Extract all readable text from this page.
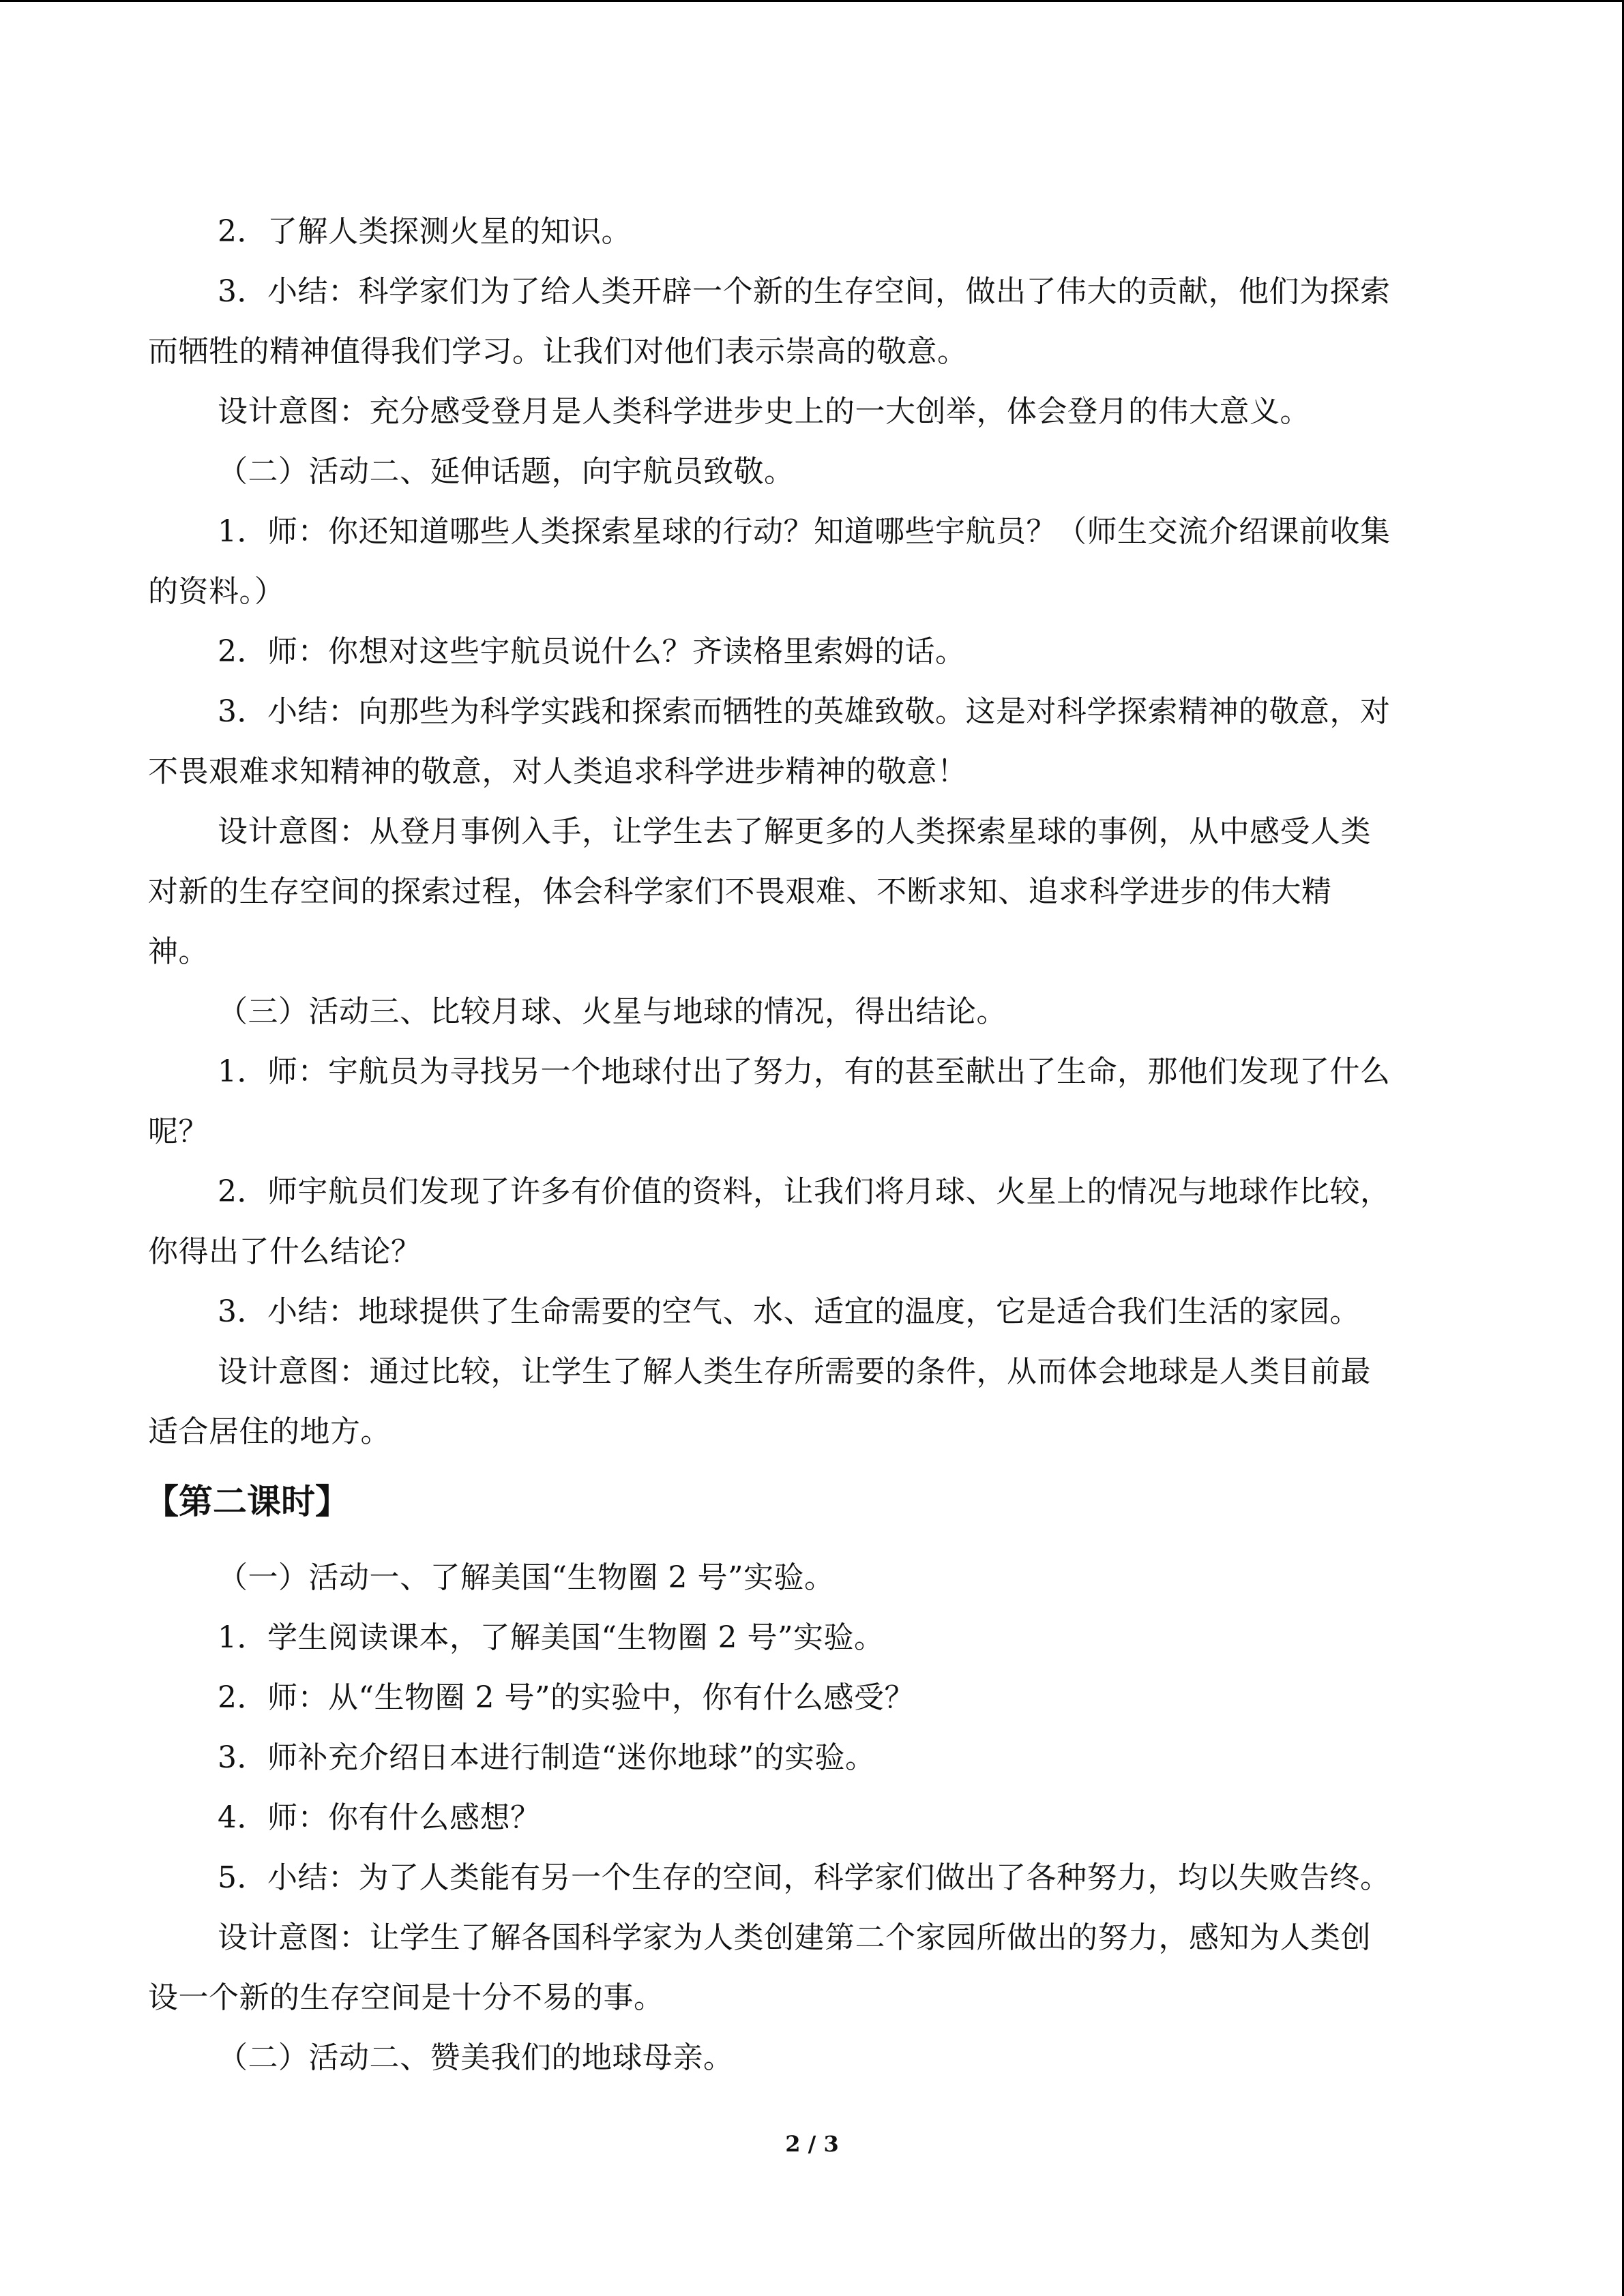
2．了解人类探测火星的知识。
3．小结：科学家们为了给人类开辟一个新的生存空间，做出了伟大的贡献，他们为探索
而牺牲的精神值得我们学习。让我们对他们表示崇高的敬意。
设计意图：充分感受登月是人类科学进步史上的一大创举，体会登月的伟大意义。
（二）活动二、延伸话题，向宇航员致敬。
1．师：你还知道哪些人类探索星球的行动？知道哪些宇航员？（师生交流介绍课前收集
的资料。）
2．师：你想对这些宇航员说什么？齐读格里索姆的话。
3．小结：向那些为科学实践和探索而牺牲的英雄致敬。这是对科学探索精神的敬意，对
不畏艰难求知精神的敬意，对人类追求科学进步精神的敬意！
设计意图：从登月事例入手，让学生去了解更多的人类探索星球的事例，从中感受人类
对新的生存空间的探索过程，体会科学家们不畏艰难、不断求知、追求科学进步的伟大精
神。
（三）活动三、比较月球、火星与地球的情况，得出结论。
1．师：宇航员为寻找另一个地球付出了努力，有的甚至献出了生命，那他们发现了什么
呢？
2．师宇航员们发现了许多有价值的资料，让我们将月球、火星上的情况与地球作比较，
你得出了什么结论？
3．小结：地球提供了生命需要的空气、水、适宜的温度，它是适合我们生活的家园。
设计意图：通过比较，让学生了解人类生存所需要的条件，从而体会地球是人类目前最
适合居住的地方。
【第二课时】
（一）活动一、了解美国“生物圈 2 号”实验。
1．学生阅读课本，了解美国“生物圈 2 号”实验。
2．师：从“生物圈 2 号”的实验中，你有什么感受？
3．师补充介绍日本进行制造“迷你地球”的实验。
4．师：你有什么感想？
5．小结：为了人类能有另一个生存的空间，科学家们做出了各种努力，均以失败告终。
设计意图：让学生了解各国科学家为人类创建第二个家园所做出的努力，感知为人类创
设一个新的生存空间是十分不易的事。
（二）活动二、赞美我们的地球母亲。
2 / 3
